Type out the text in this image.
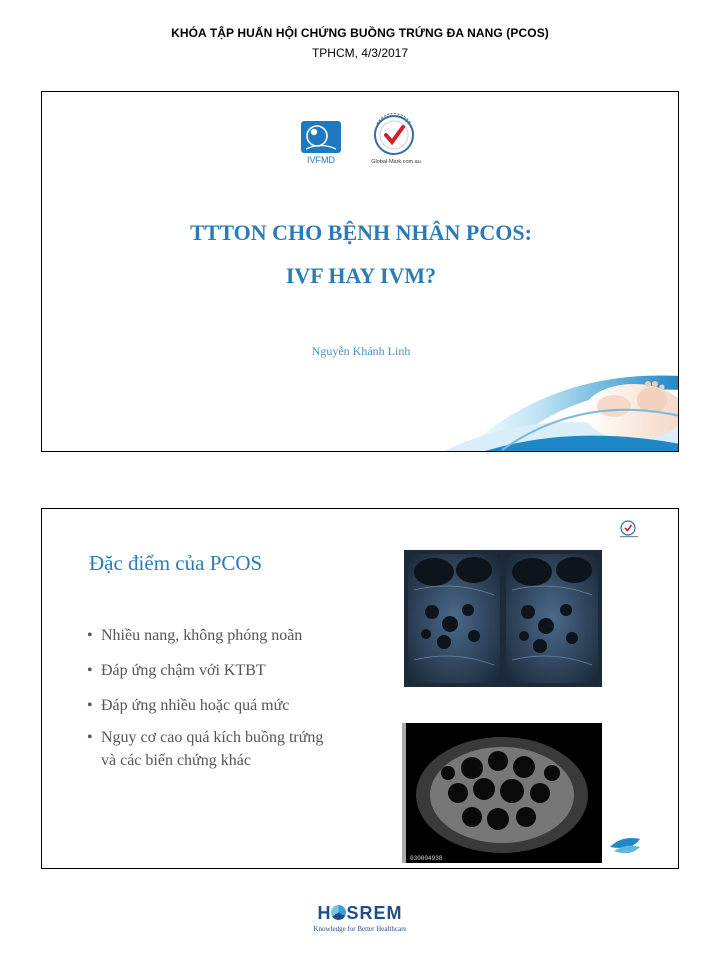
KHÓA TẬP HUẤN HỘI CHỨNG BUỒNG TRỨNG ĐA NANG (PCOS)
TPHCM, 4/3/2017
IVFMD	Global-Mark.com.au
TTTON CHO BỆNH NHÂN PCOS:
IVF HAY IVM?
Nguyễn Khánh Linh
Đặc điểm của PCOS
• Nhiều nang, không phóng noãn
• Đáp ứng chậm với KTBT
• Đáp ứng nhiều hoặc quá mức
• Nguy cơ cao quá kích buồng trứng
và các biến chứng khác
030004938
H SREM
Knowledge for Better Healthcare
